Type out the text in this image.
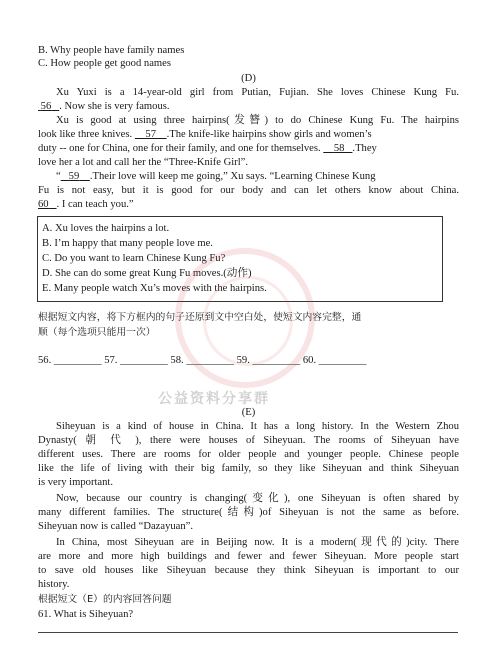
B. Why people have family names
C. How people get good names
(D)
Xu Yuxi is a 14-year-old girl from Putian, Fujian. She loves Chinese Kung Fu.
56 . Now she is very famous.
Xu is good at using three hairpins(发簪) to do Chinese Kung Fu. The hairpins
look like three knives. 57 .The knife-like hairpins show girls and women’s
duty -- one for China, one for their family, and one for themselves. 58 .They
love her a lot and call her the “Three-Knife Girl”.
“ 59 .Their love will keep me going,” Xu says. “Learning Chinese Kung
Fu is not easy, but it is good for our body and can let others know about China.
60 . I can teach you.”
A. Xu loves the hairpins a lot.
B. I’m happy that many people love me.
C. Do you want to learn Chinese Kung Fu?
D. She can do some great Kung Fu moves.(动作)
E. Many people watch Xu’s moves with the hairpins.
根据短文内容，将下方框内的句子还原到文中空白处，使短文内容完整，通
顺（每个选项只能用一次）
56. _________ 57. _________ 58. _________ 59. _________ 60. _________
公益资料分享群
(E)
Siheyuan is a kind of house in China. It has a long history. In the Western Zhou
Dynasty( 朝 代 ), there were houses of Siheyuan. The rooms of Siheyuan have
different uses. There are rooms for older people and younger people. Chinese people
like the life of living with their big family, so they like Siheyuan and think Siheyuan
is very important.
Now, because our country is changing(变化), one Siheyuan is often shared by
many different families. The structure(结构)of Siheyuan is not the same as before.
Siheyuan now is called “Dazayuan”.
In China, most Siheyuan are in Beijing now. It is a modern(现代的)city. There
are more and more high buildings and fewer and fewer Siheyuan. More people start
to save old houses like Siheyuan because they think Siheyuan is important to our
history.
根据短文（E）的内容回答问题
61. What is Siheyuan?
